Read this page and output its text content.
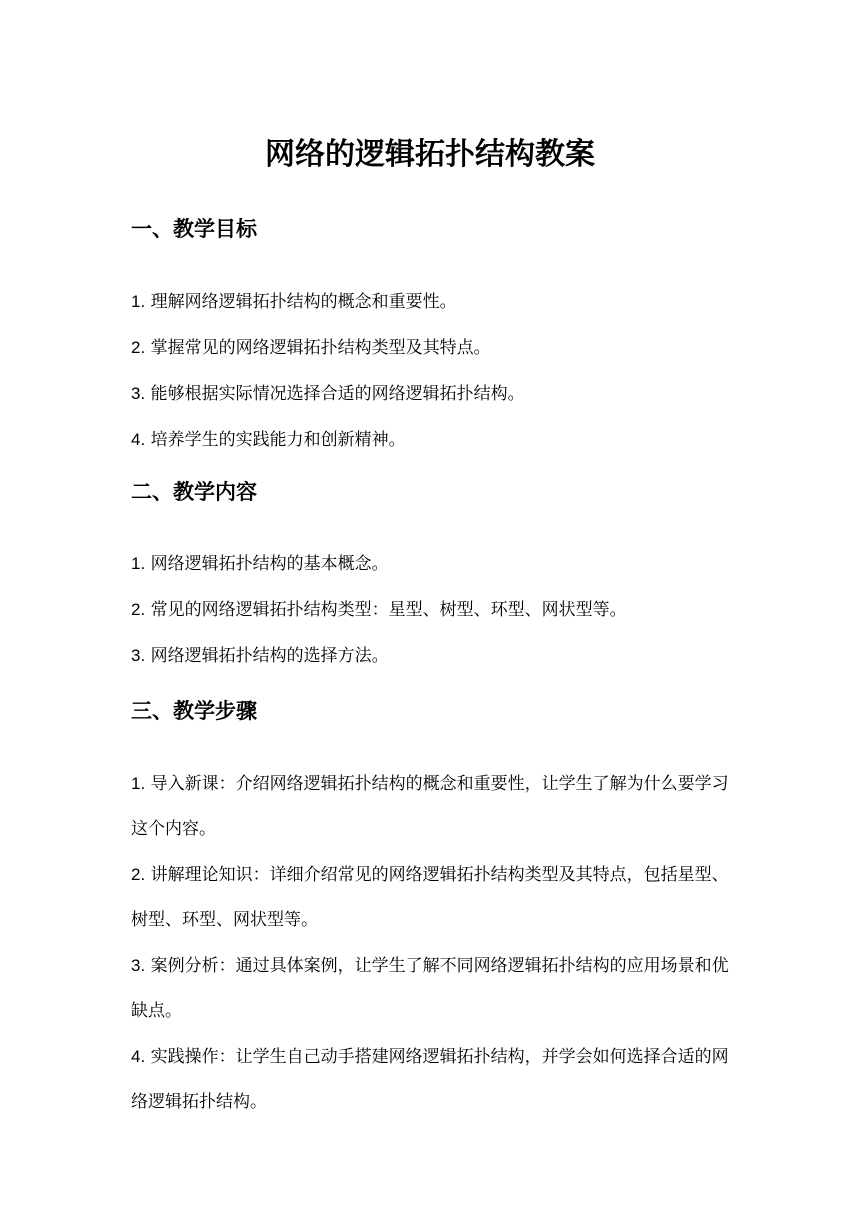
网络的逻辑拓扑结构教案
一、教学目标
1. 理解网络逻辑拓扑结构的概念和重要性。
2. 掌握常见的网络逻辑拓扑结构类型及其特点。
3. 能够根据实际情况选择合适的网络逻辑拓扑结构。
4. 培养学生的实践能力和创新精神。
二、教学内容
1. 网络逻辑拓扑结构的基本概念。
2. 常见的网络逻辑拓扑结构类型：星型、树型、环型、网状型等。
3. 网络逻辑拓扑结构的选择方法。
三、教学步骤
1. 导入新课：介绍网络逻辑拓扑结构的概念和重要性，让学生了解为什么要学习这个内容。
2. 讲解理论知识：详细介绍常见的网络逻辑拓扑结构类型及其特点，包括星型、树型、环型、网状型等。
3. 案例分析：通过具体案例，让学生了解不同网络逻辑拓扑结构的应用场景和优缺点。
4. 实践操作：让学生自己动手搭建网络逻辑拓扑结构，并学会如何选择合适的网络逻辑拓扑结构。
